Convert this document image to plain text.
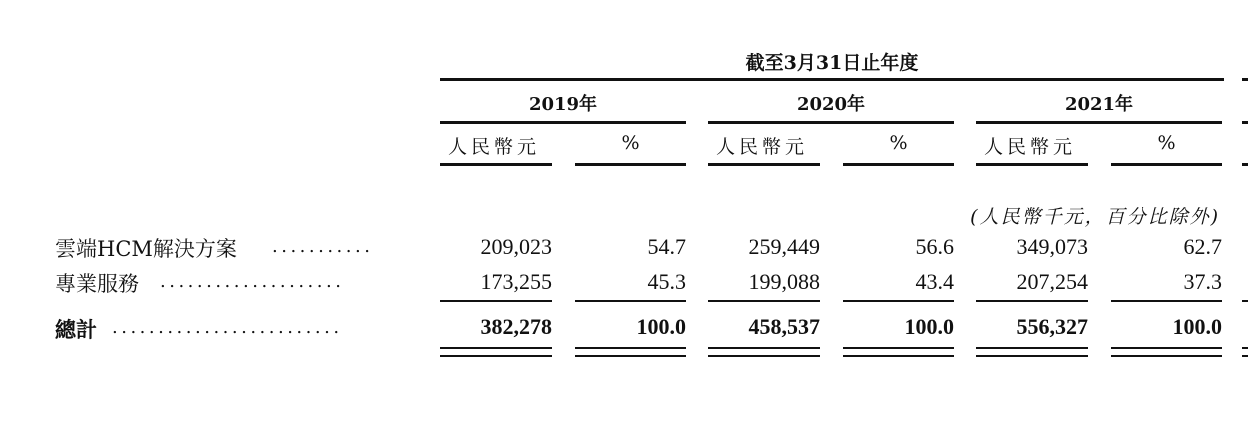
截至3月31日止年度
2019年	2020年	2021年
人民幣元	%	人民幣元	%	人民幣元	%
(人民幣千元，百分比除外)
雲端HCM解決方案 ...........	209,023	54.7	259,449	56.6	349,073	62.7
專業服務 ....................	173,255	45.3	199,088	43.4	207,254	37.3
總計 .........................	382,278	100.0	458,537	100.0	556,327	100.0
